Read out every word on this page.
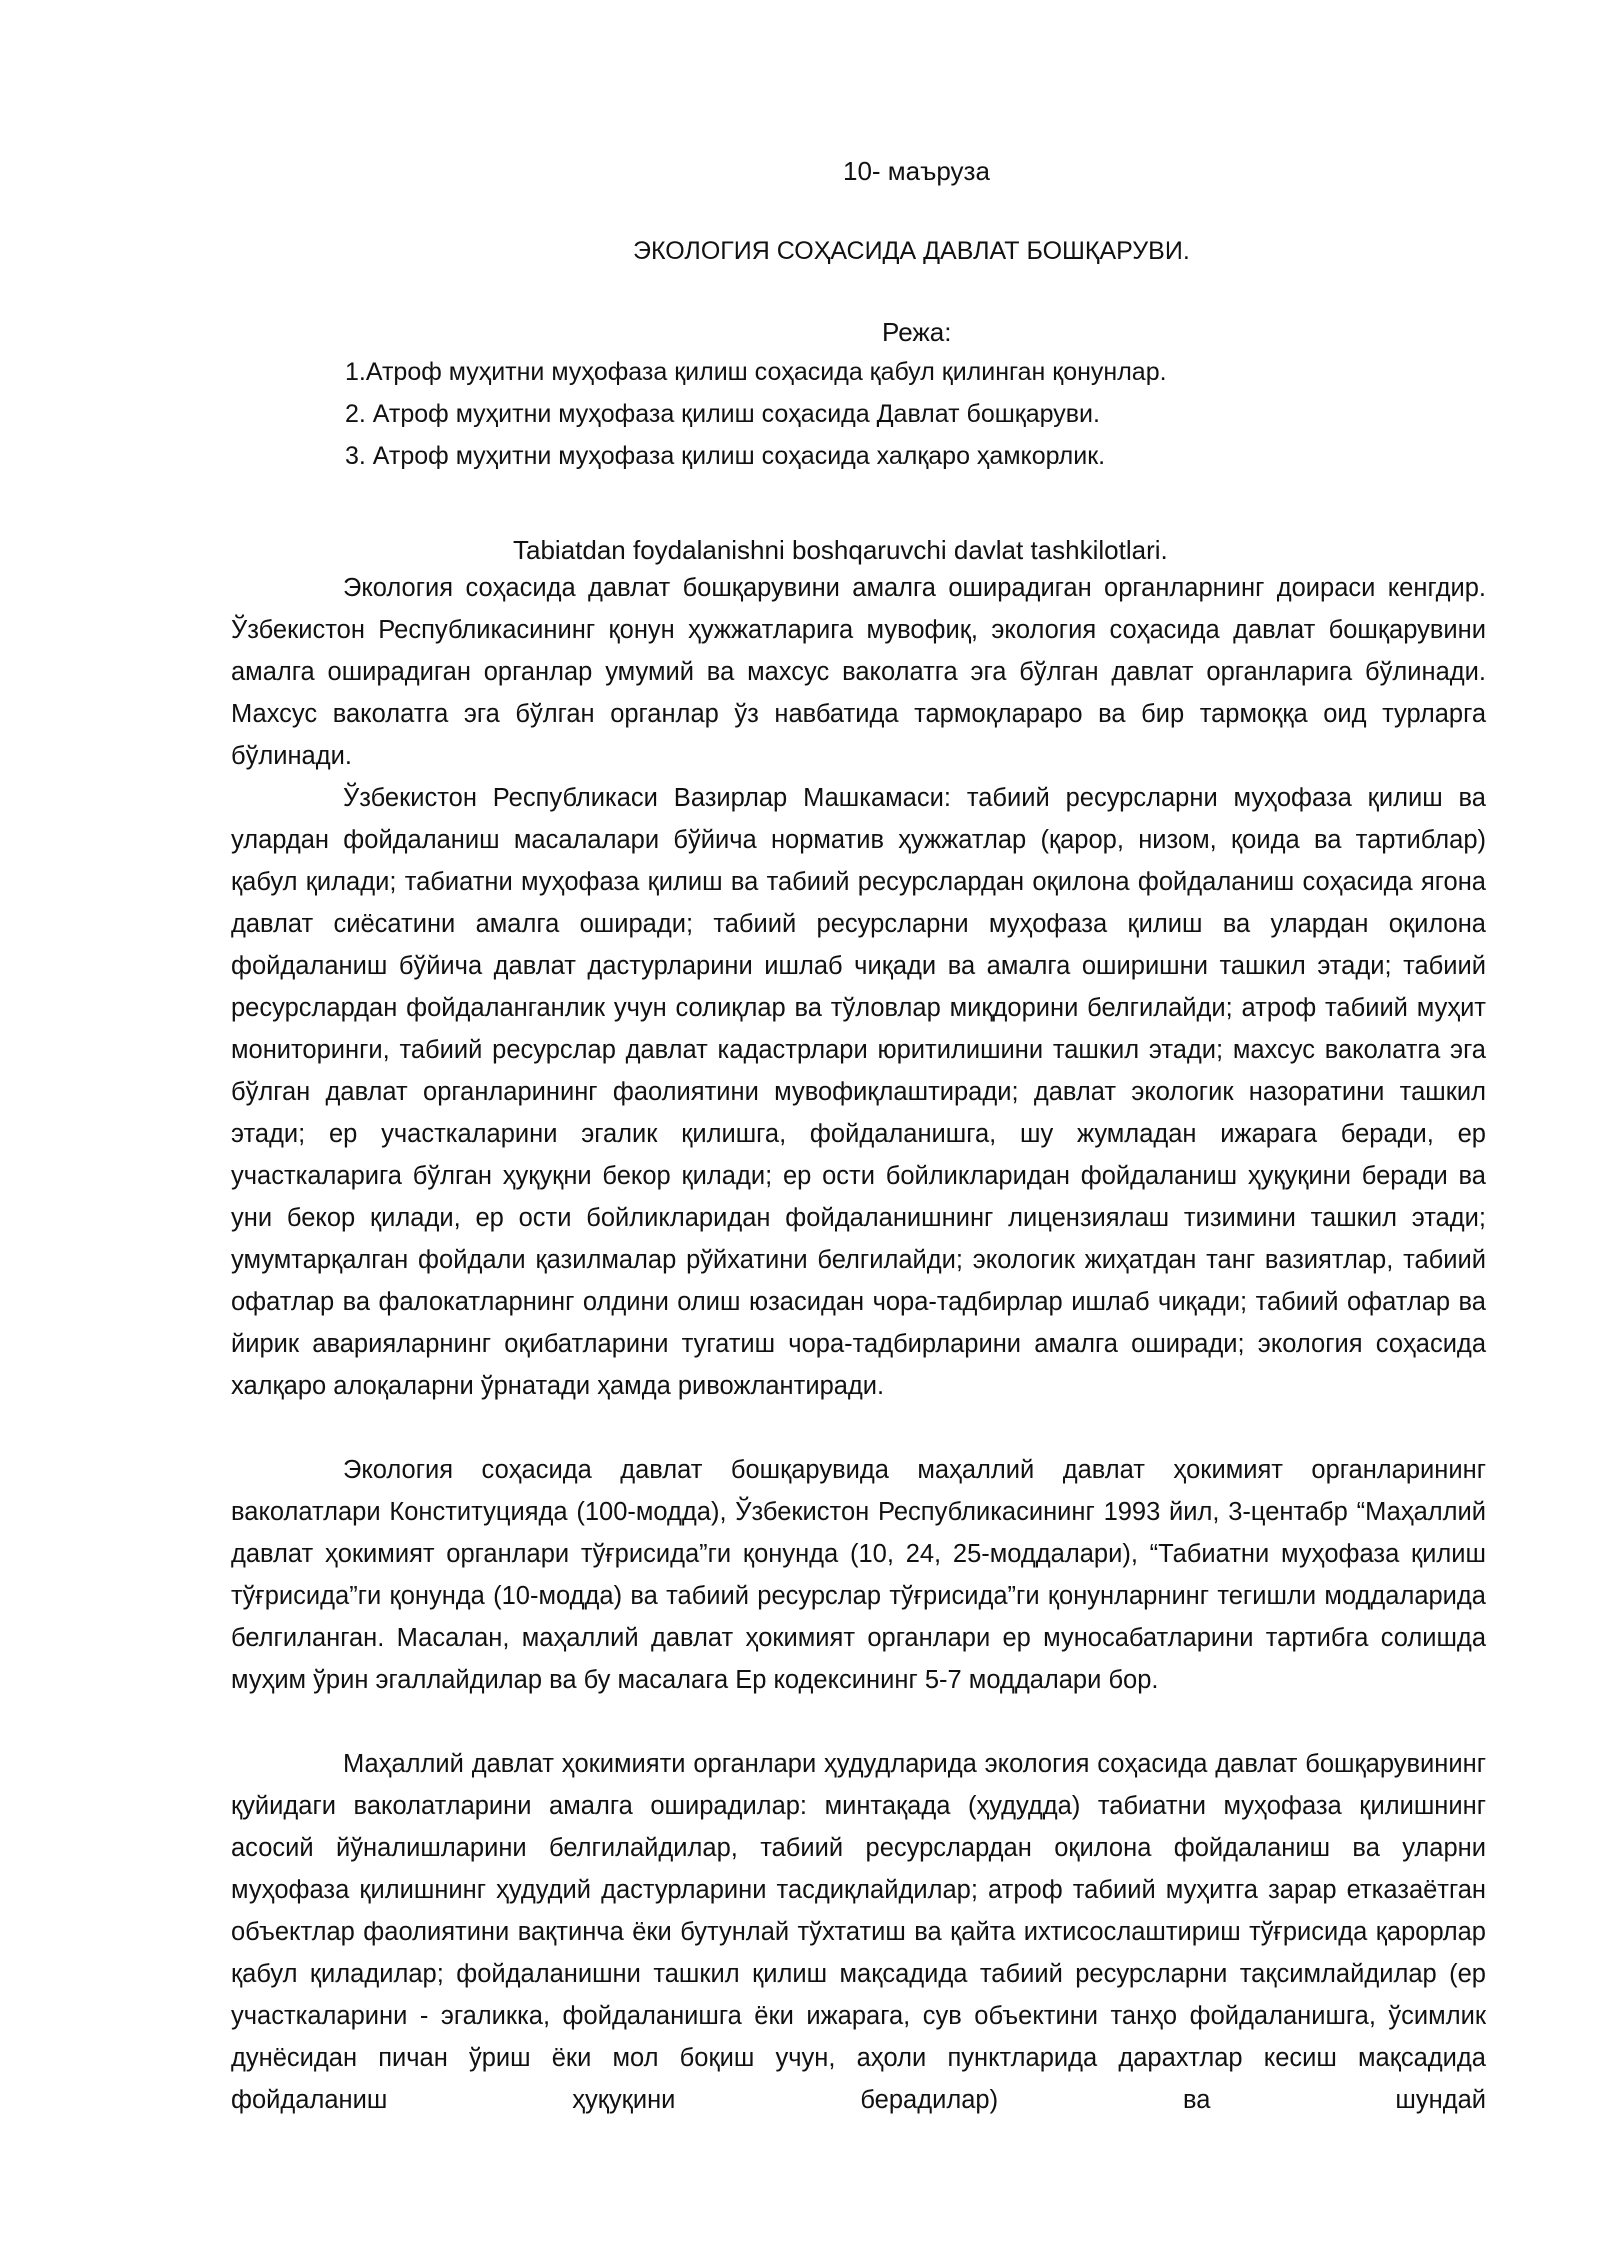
10- маъруза
ЭКОЛОГИЯ СОҲАСИДА ДАВЛАТ БОШҚАРУВИ.
Режа:
1.Атроф муҳитни муҳофаза қилиш соҳасида қабул қилинган қонунлар.
2. Атроф муҳитни муҳофаза қилиш соҳасида Давлат бошқаруви.
3. Атроф муҳитни муҳофаза қилиш соҳасида халқаро ҳамкорлик.
Tabiatdan foydalanishni boshqaruvchi davlat tashkilotlari.

Экология соҳасида давлат бошқарувини амалга оширадиган органларнинг доираси кенгдир. Ўзбекистон Республикасининг қонун ҳужжатларига мувофиқ, экология соҳасида давлат бошқарувини амалга оширадиган органлар умумий ва махсус ваколатга эга бўлган давлат органларига бўлинади. Махсус ваколатга эга бўлган органлар ўз навбатида тармоқлараро ва бир тармоққа оид турларга бўлинади.

Ўзбекистон Республикаси Вазирлар Машкамаси: табиий ресурсларни муҳофаза қилиш ва улардан фойдаланиш масалалари бўйича норматив ҳужжатлар (қарор, низом, қоида ва тартиблар) қабул қилади; табиатни муҳофаза қилиш ва табиий ресурслардан оқилона фойдаланиш соҳасида ягона давлат сиёсатини амалга оширади; табиий ресурсларни муҳофаза қилиш ва улардан оқилона фойдаланиш бўйича давлат дастурларини ишлаб чиқади ва амалга оширишни ташкил этади; табиий ресурслардан фойдаланганлик учун солиқлар ва тўловлар миқдорини белгилайди; атроф табиий муҳит мониторинги, табиий ресурслар давлат кадастрлари юритилишини ташкил этади; махсус ваколатга эга бўлган давлат органларининг фаолиятини мувофиқлаштиради; давлат экологик назоратини ташкил этади; ер участкаларини эгалик қилишга, фойдаланишга, шу жумладан ижарага беради, ер участкаларига бўлган ҳуқуқни бекор қилади; ер ости бойликларидан фойдаланиш ҳуқуқини беради ва уни бекор қилади, ер ости бойликларидан фойдаланишнинг лицензиялаш тизимини ташкил этади; умумтарқалган фойдали қазилмалар рўйхатини белгилайди; экологик жиҳатдан танг вазиятлар, табиий офатлар ва фалокатларнинг олдини олиш юзасидан чора-тадбирлар ишлаб чиқади; табиий офатлар ва йирик аварияларнинг оқибатларини тугатиш чора-тадбирларини амалга оширади; экология соҳасида халқаро алоқаларни ўрнатади ҳамда ривожлантиради.

Экология соҳасида давлат бошқарувида маҳаллий давлат ҳокимият органларининг ваколатлари Конституцияда (100-модда), Ўзбекистон Республикасининг 1993 йил, 3-центабр “Маҳаллий давлат ҳокимият органлари тўғрисида”ги қонунда (10, 24, 25-моддалари), “Табиатни муҳофаза қилиш тўғрисида”ги қонунда (10-модда) ва табиий ресурслар тўғрисида”ги қонунларнинг тегишли моддаларида белгиланган. Масалан, маҳаллий давлат ҳокимият органлари ер муносабатларини тартибга солишда муҳим ўрин эгаллайдилар ва бу масалага Ер кодексининг 5-7 моддалари бор.

Маҳаллий давлат ҳокимияти органлари ҳудудларида экология соҳасида давлат бошқарувининг қуйидаги ваколатларини амалга оширадилар: минтақада (ҳудудда) табиатни муҳофаза қилишнинг асосий йўналишларини белгилайдилар, табиий ресурслардан оқилона фойдаланиш ва уларни муҳофаза қилишнинг ҳудудий дастурларини тасдиқлайдилар; атроф табиий муҳитга зарар етказаётган объектлар фаолиятини вақтинча ёки бутунлай тўхтатиш ва қайта ихтисослаштириш тўғрисида қарорлар қабул қиладилар; фойдаланишни ташкил қилиш мақсадида табиий ресурсларни тақсимлайдилар (ер участкаларини - эгаликка, фойдаланишга ёки ижарага, сув объектини танҳо фойдаланишга, ўсимлик дунёсидан пичан ўриш ёки мол боқиш учун, аҳоли пунктларида дарахтлар кесиш мақсадида фойдаланиш ҳуқуқини берадилар) ва шундай
